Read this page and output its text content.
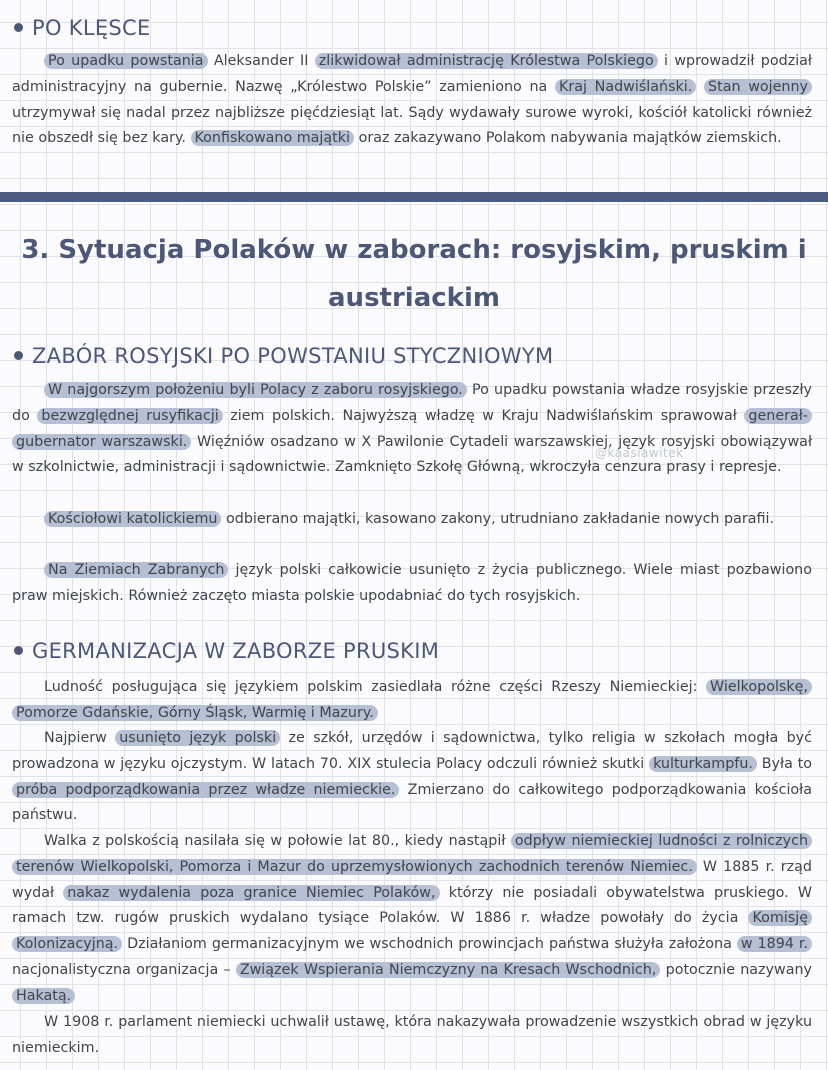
PO KLĘSCE
Po upadku powstania Aleksander II zlikwidował administrację Królestwa Polskiego i wprowadził podział administracyjny na gubernie. Nazwę „Królestwo Polskie” zamieniono na Kraj Nadwiślański. Stan wojenny utrzymywał się nadal przez najbliższe pięćdziesiąt lat. Sądy wydawały surowe wyroki, kościół katolicki również nie obszedł się bez kary. Konfiskowano majątki oraz zakazywano Polakom nabywania majątków ziemskich.
3. Sytuacja Polaków w zaborach: rosyjskim, pruskim i austriackim
ZABÓR ROSYJSKI PO POWSTANIU STYCZNIOWYM
@kaasiawitek
W najgorszym położeniu byli Polacy z zaboru rosyjskiego. Po upadku powstania władze rosyjskie przeszły do bezwzględnej rusyfikacji ziem polskich. Najwyższą władzę w Kraju Nadwiślańskim sprawował generał-gubernator warszawski. Więźniów osadzano w X Pawilonie Cytadeli warszawskiej, język rosyjski obowiązywał w szkolnictwie, administracji i sądownictwie. Zamknięto Szkołę Główną, wkroczyła cenzura prasy i represje.
Kościołowi katolickiemu odbierano majątki, kasowano zakony, utrudniano zakładanie nowych parafii.
Na Ziemiach Zabranych język polski całkowicie usunięto z życia publicznego. Wiele miast pozbawiono praw miejskich. Również zaczęto miasta polskie upodabniać do tych rosyjskich.
GERMANIZACJA W ZABORZE PRUSKIM
Ludność posługująca się językiem polskim zasiedlała różne części Rzeszy Niemieckiej: Wielkopolskę, Pomorze Gdańskie, Górny Śląsk, Warmię i Mazury.
Najpierw usunięto język polski ze szkół, urzędów i sądownictwa, tylko religia w szkołach mogła być prowadzona w języku ojczystym. W latach 70. XIX stulecia Polacy odczuli również skutki kulturkampfu. Była to próba podporządkowania przez władze niemieckie. Zmierzano do całkowitego podporządkowania kościoła państwu.
Walka z polskością nasilała się w połowie lat 80., kiedy nastąpił odpływ niemieckiej ludności z rolniczych terenów Wielkopolski, Pomorza i Mazur do uprzemysłowionych zachodnich terenów Niemiec. W 1885 r. rząd wydał nakaz wydalenia poza granice Niemiec Polaków, którzy nie posiadali obywatelstwa pruskiego. W ramach tzw. rugów pruskich wydalano tysiące Polaków. W 1886 r. władze powołały do życia Komisję Kolonizacyjną. Działaniom germanizacyjnym we wschodnich prowincjach państwa służyła założona w 1894 r. nacjonalistyczna organizacja – Związek Wspierania Niemczyzny na Kresach Wschodnich, potocznie nazywany Hakatą.
W 1908 r. parlament niemiecki uchwalił ustawę, która nakazywała prowadzenie wszystkich obrad w języku niemieckim.
